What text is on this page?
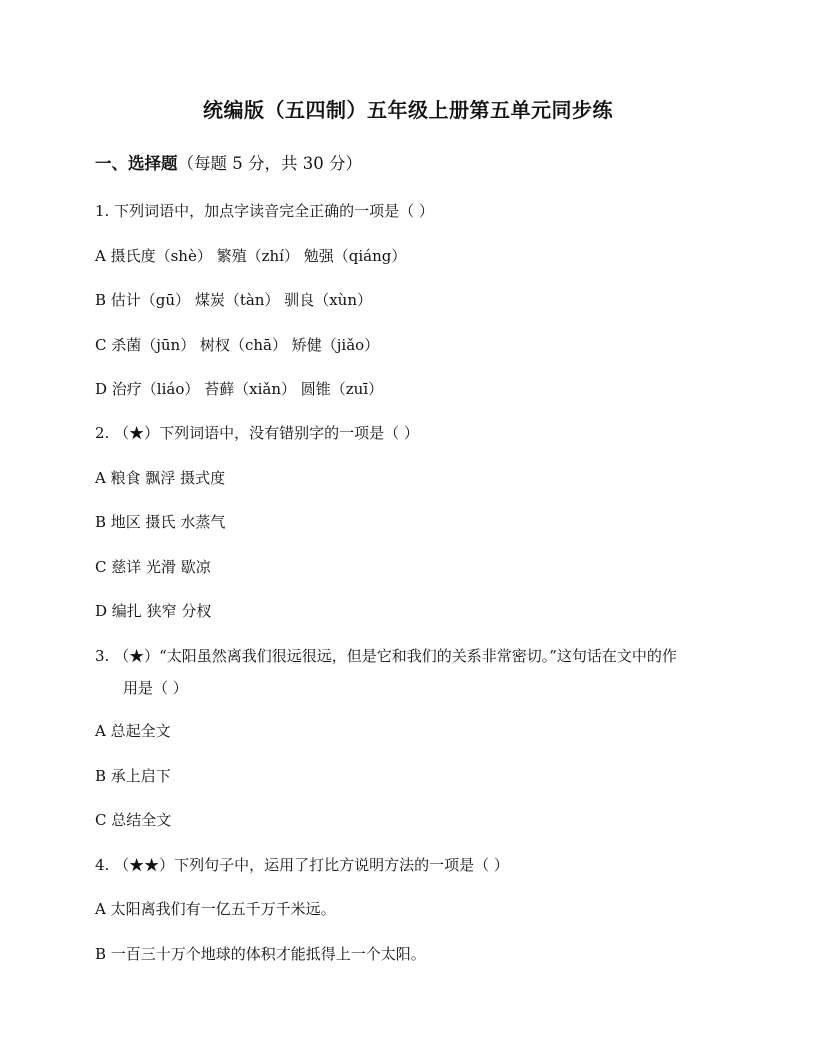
统编版（五四制）五年级上册第五单元同步练
一、选择题（每题 5 分，共 30 分）
1. 下列词语中，加点字读音完全正确的一项是（ ）
A 摄氏度（shè） 繁殖（zhí） 勉强（qiáng）
B 估计（gū） 煤炭（tàn） 驯良（xùn）
C 杀菌（jūn） 树杈（chā） 矫健（jiǎo）
D 治疗（liáo） 苔藓（xiǎn） 圆锥（zuī）
2. （★）下列词语中，没有错别字的一项是（ ）
A 粮食 飘浮 摄式度
B 地区 摄氏 水蒸气
C 慈详 光滑 歇凉
D 编扎 狭窄 分杈
3. （★）“太阳虽然离我们很远很远，但是它和我们的关系非常密切。”这句话在文中的作
用是（ ）
A 总起全文
B 承上启下
C 总结全文
4. （★★）下列句子中，运用了打比方说明方法的一项是（ ）
A 太阳离我们有一亿五千万千米远。
B 一百三十万个地球的体积才能抵得上一个太阳。
